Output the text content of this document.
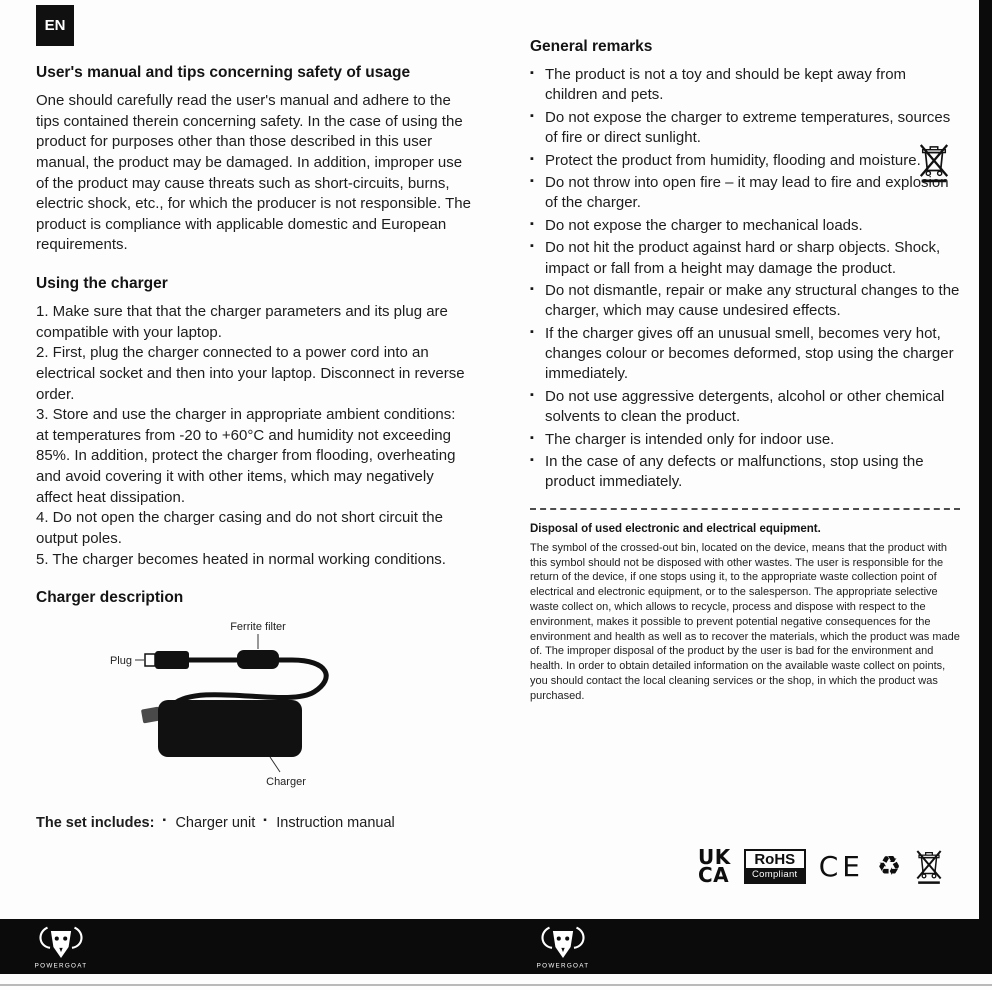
EN
User's manual and tips concerning safety of usage

One should carefully read the user's manual and adhere to the tips contained therein concerning safety. In the case of using the product for purposes other than those described in this user manual, the product may be damaged. In addition, improper use of the product may cause threats such as short-circuits, burns, electric shock, etc., for which the producer is not responsible. The product is compliance with applicable domestic and European requirements.

Using the charger

1. Make sure that that the charger parameters and its plug are compatible with your laptop.

2. First, plug the charger connected to a power cord into an electrical socket and then into your laptop. Disconnect in reverse order.

3. Store and use the charger in appropriate ambient conditions: at temperatures from -20 to +60°C and humidity not exceeding 85%. In addition, protect the charger from flooding, overheating and avoid covering it with other items, which may negatively affect heat dissipation.

4. Do not open the charger casing and do not short circuit the output poles.

5. The charger becomes heated in normal working conditions.

Charger description
Ferrite filter
Plug
Charger
The set includes:	▪ Charger unit	▪ Instruction manual
General remarks
▪ The product is not a toy and should be kept away from children and pets.
▪ Do not expose the charger to extreme temperatures, sources of fire or direct sunlight.
▪ Protect the product from humidity, flooding and moisture.
▪ Do not throw into open fire – it may lead to fire and explosion of the charger.
▪ Do not expose the charger to mechanical loads.
▪ Do not hit the product against hard or sharp objects. Shock, impact or fall from a height may damage the product.
▪ Do not dismantle, repair or make any structural changes to the charger, which may cause undesired effects.
▪ If the charger gives off an unusual smell, becomes very hot, changes colour or becomes deformed, stop using the charger immediately.
▪ Do not use aggressive detergents, alcohol or other chemical solvents to clean the product.
▪ The charger is intended only for indoor use.
▪ In the case of any defects or malfunctions, stop using the product immediately.
Disposal of used electronic and electrical equipment.

The symbol of the crossed-out bin, located on the device, means that the product with this symbol should not be disposed with other wastes. The user is responsible for the return of the device, if one stops using it, to the appropriate waste collection point of electrical and electronic equipment, or to the salesperson. The appropriate selective waste collect on, which allows to recycle, process and dispose with respect to the environment, makes it possible to prevent potential negative consequences for the environment and health as well as to recover the materials, which the product was made of. The improper disposal of the product by the user is bad for the environment and health. In order to obtain detailed information on the available waste collect on points, you should contact the local cleaning services or the shop, in which the product was purchased.

UK
CA
RoHS
Compliant CE ♻
POWERGOAT	POWERGOAT
